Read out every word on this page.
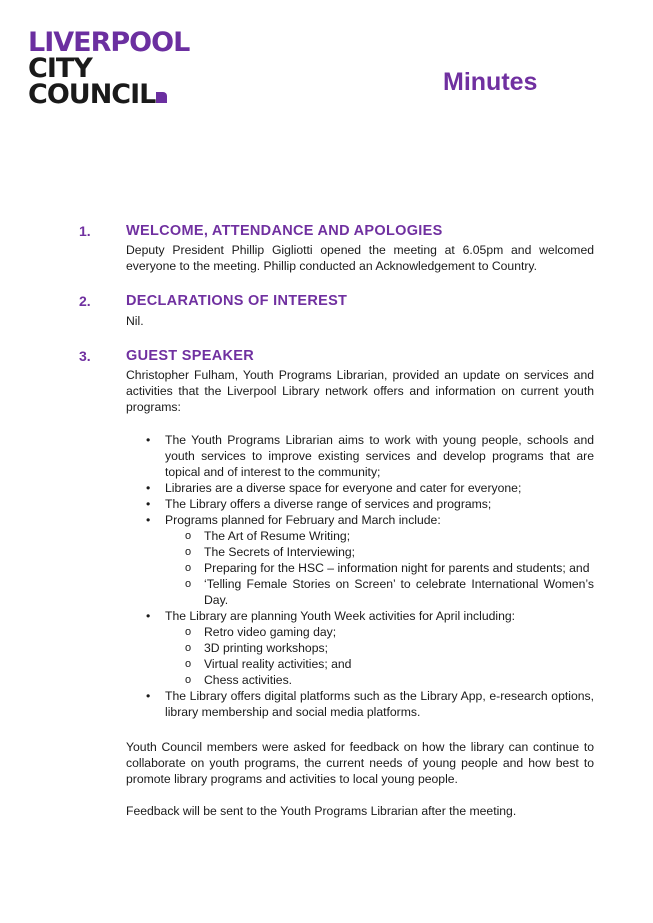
LIVERPOOL
CITY
COUNCIL	Minutes
1. WELCOME, ATTENDANCE AND APOLOGIES

Deputy President Phillip Gigliotti opened the meeting at 6.05pm and welcomed everyone to the meeting. Phillip conducted an Acknowledgement to Country.

2. DECLARATIONS OF INTEREST

Nil.

3. GUEST SPEAKER

Christopher Fulham, Youth Programs Librarian, provided an update on services and activities that the Liverpool Library network offers and information on current youth programs:

• The Youth Programs Librarian aims to work with young people, schools and youth services to improve existing services and develop programs that are topical and of interest to the community;
• Libraries are a diverse space for everyone and cater for everyone;
• The Library offers a diverse range of services and programs;
• Programs planned for February and March include:
o The Art of Resume Writing;
o The Secrets of Interviewing;
o Preparing for the HSC – information night for parents and students; and
o ‘Telling Female Stories on Screen’ to celebrate International Women’s Day.
• The Library are planning Youth Week activities for April including:
o Retro video gaming day;
o 3D printing workshops;
o Virtual reality activities; and
o Chess activities.
• The Library offers digital platforms such as the Library App, e-research options, library membership and social media platforms.

Youth Council members were asked for feedback on how the library can continue to collaborate on youth programs, the current needs of young people and how best to promote library programs and activities to local young people.

Feedback will be sent to the Youth Programs Librarian after the meeting.
